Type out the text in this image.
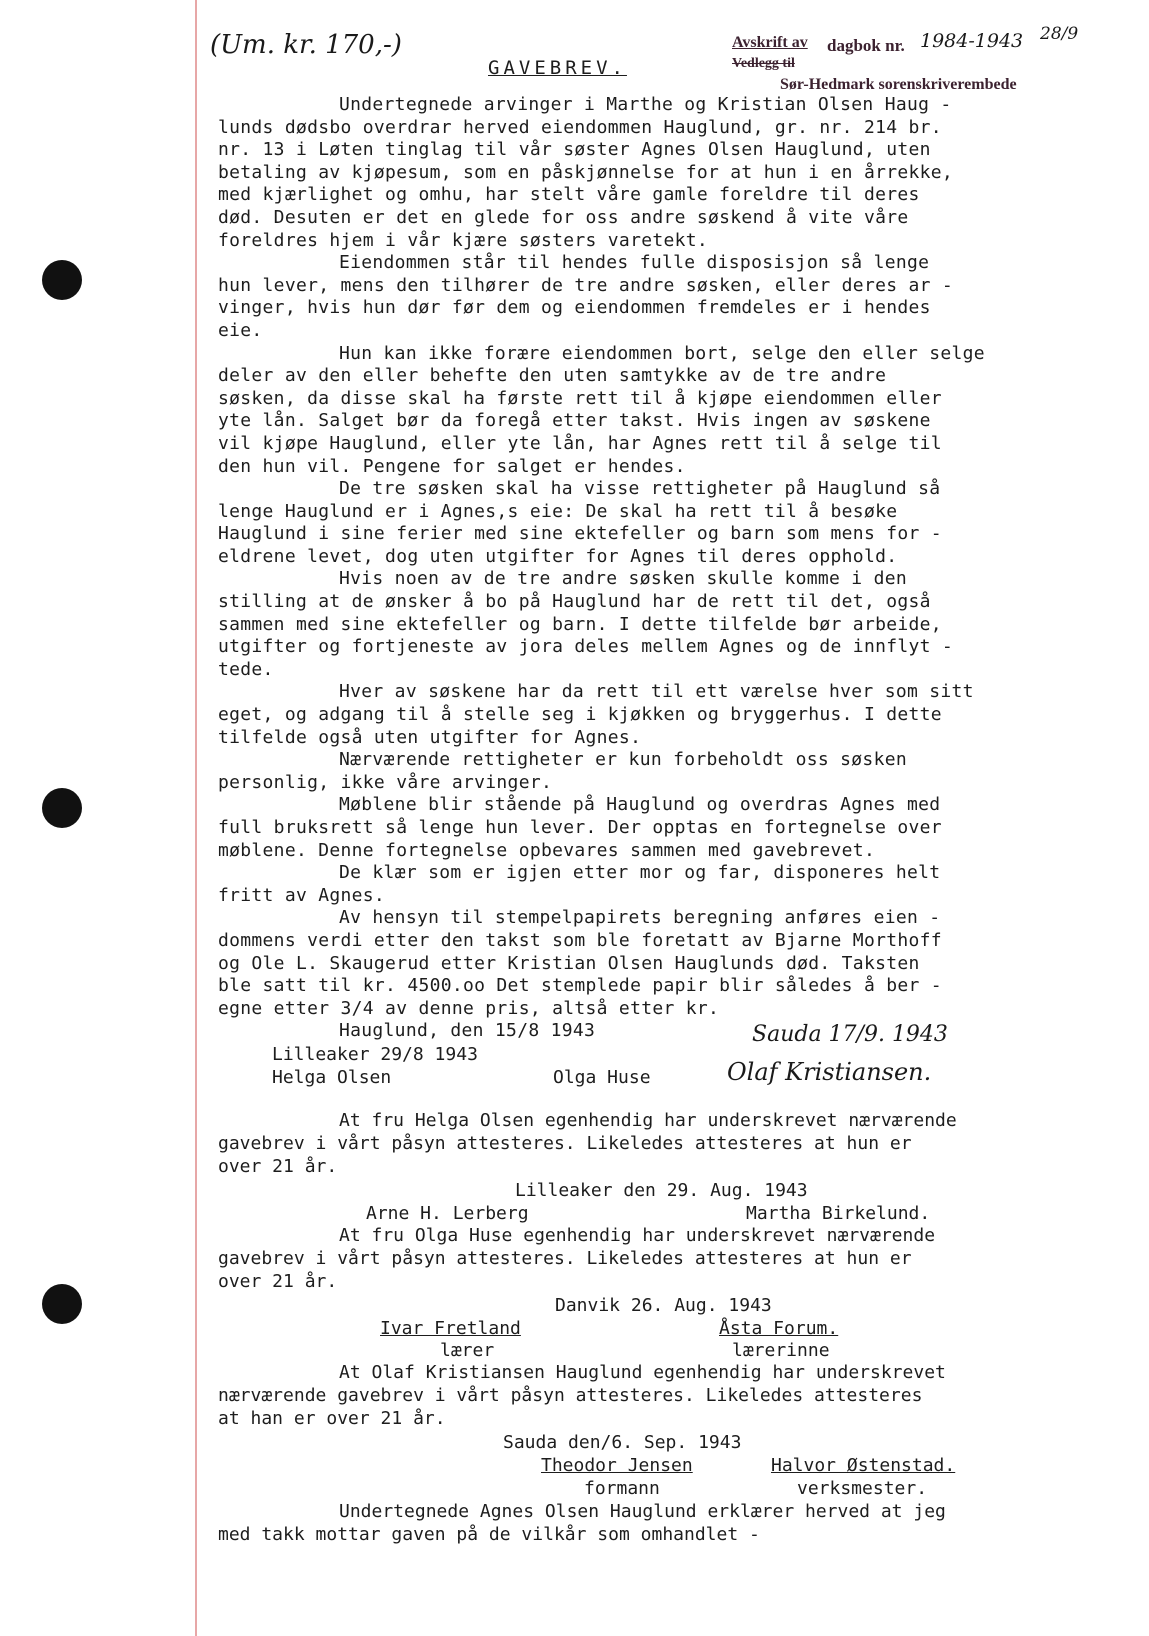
(Um. kr. 170,-)	Avskrift av dagbok nr. 1984-1943 28/9
Vedlegg til
Sør-Hedmark sorenskriverembede
GAVEBREV.
Undertegnede arvinger i Marthe og Kristian Olsen Haug -
lunds dødsbo overdrar herved eiendommen Hauglund, gr. nr. 214 br.
nr. 13 i Løten tinglag til vår søster Agnes Olsen Hauglund, uten
betaling av kjøpesum, som en påskjønnelse for at hun i en årrekke,
med kjærlighet og omhu, har stelt våre gamle foreldre til deres
død. Desuten er det en glede for oss andre søskend å vite våre
foreldres hjem i vår kjære søsters varetekt.
Eiendommen står til hendes fulle disposisjon så lenge
hun lever, mens den tilhører de tre andre søsken, eller deres ar -
vinger, hvis hun dør før dem og eiendommen fremdeles er i hendes
eie.
Hun kan ikke forære eiendommen bort, selge den eller selge
deler av den eller behefte den uten samtykke av de tre andre
søsken, da disse skal ha første rett til å kjøpe eiendommen eller
yte lån. Salget bør da foregå etter takst. Hvis ingen av søskene
vil kjøpe Hauglund, eller yte lån, har Agnes rett til å selge til
den hun vil. Pengene for salget er hendes.
De tre søsken skal ha visse rettigheter på Hauglund så
lenge Hauglund er i Agnes,s eie: De skal ha rett til å besøke
Hauglund i sine ferier med sine ektefeller og barn som mens for -
eldrene levet, dog uten utgifter for Agnes til deres opphold.
Hvis noen av de tre andre søsken skulle komme i den
stilling at de ønsker å bo på Hauglund har de rett til det, også
sammen med sine ektefeller og barn. I dette tilfelde bør arbeide,
utgifter og fortjeneste av jora deles mellem Agnes og de innflyt -
tede.
Hver av søskene har da rett til ett værelse hver som sitt
eget, og adgang til å stelle seg i kjøkken og bryggerhus. I dette
tilfelde også uten utgifter for Agnes.
Nærværende rettigheter er kun forbeholdt oss søsken
personlig, ikke våre arvinger.
Møblene blir stående på Hauglund og overdras Agnes med
full bruksrett så lenge hun lever. Der opptas en fortegnelse over
møblene. Denne fortegnelse opbevares sammen med gavebrevet.
De klær som er igjen etter mor og far, disponeres helt
fritt av Agnes.
Av hensyn til stempelpapirets beregning anføres eien -
dommens verdi etter den takst som ble foretatt av Bjarne Morthoff
og Ole L. Skaugerud etter Kristian Olsen Hauglunds død. Taksten
ble satt til kr. 4500.oo Det stemplede papir blir således å ber -
egne etter 3/4 av denne pris, altså etter kr.
Hauglund, den 15/8 1943
Lilleaker 29/8 1943
Helga Olsen	Olga Huse
Sauda 17/9. 1943
Olaf Kristiansen.
At fru Helga Olsen egenhendig har underskrevet nærværende
gavebrev i vårt påsyn attesteres. Likeledes attesteres at hun er
over 21 år.
Lilleaker den 29. Aug. 1943
Arne H. Lerberg	Martha Birkelund.
At fru Olga Huse egenhendig har underskrevet nærværende
gavebrev i vårt påsyn attesteres. Likeledes attesteres at hun er
over 21 år.
Danvik 26. Aug. 1943
Ivar Fretland
lærer
Åsta Forum.
lærerinne
At Olaf Kristiansen Hauglund egenhendig har underskrevet
nærværende gavebrev i vårt påsyn attesteres. Likeledes attesteres
at han er over 21 år.
Sauda den/6. Sep. 1943
Theodor Jensen
formann
Halvor Østenstad.
verksmester.
Undertegnede Agnes Olsen Hauglund erklærer herved at jeg
med takk mottar gaven på de vilkår som omhandlet -
